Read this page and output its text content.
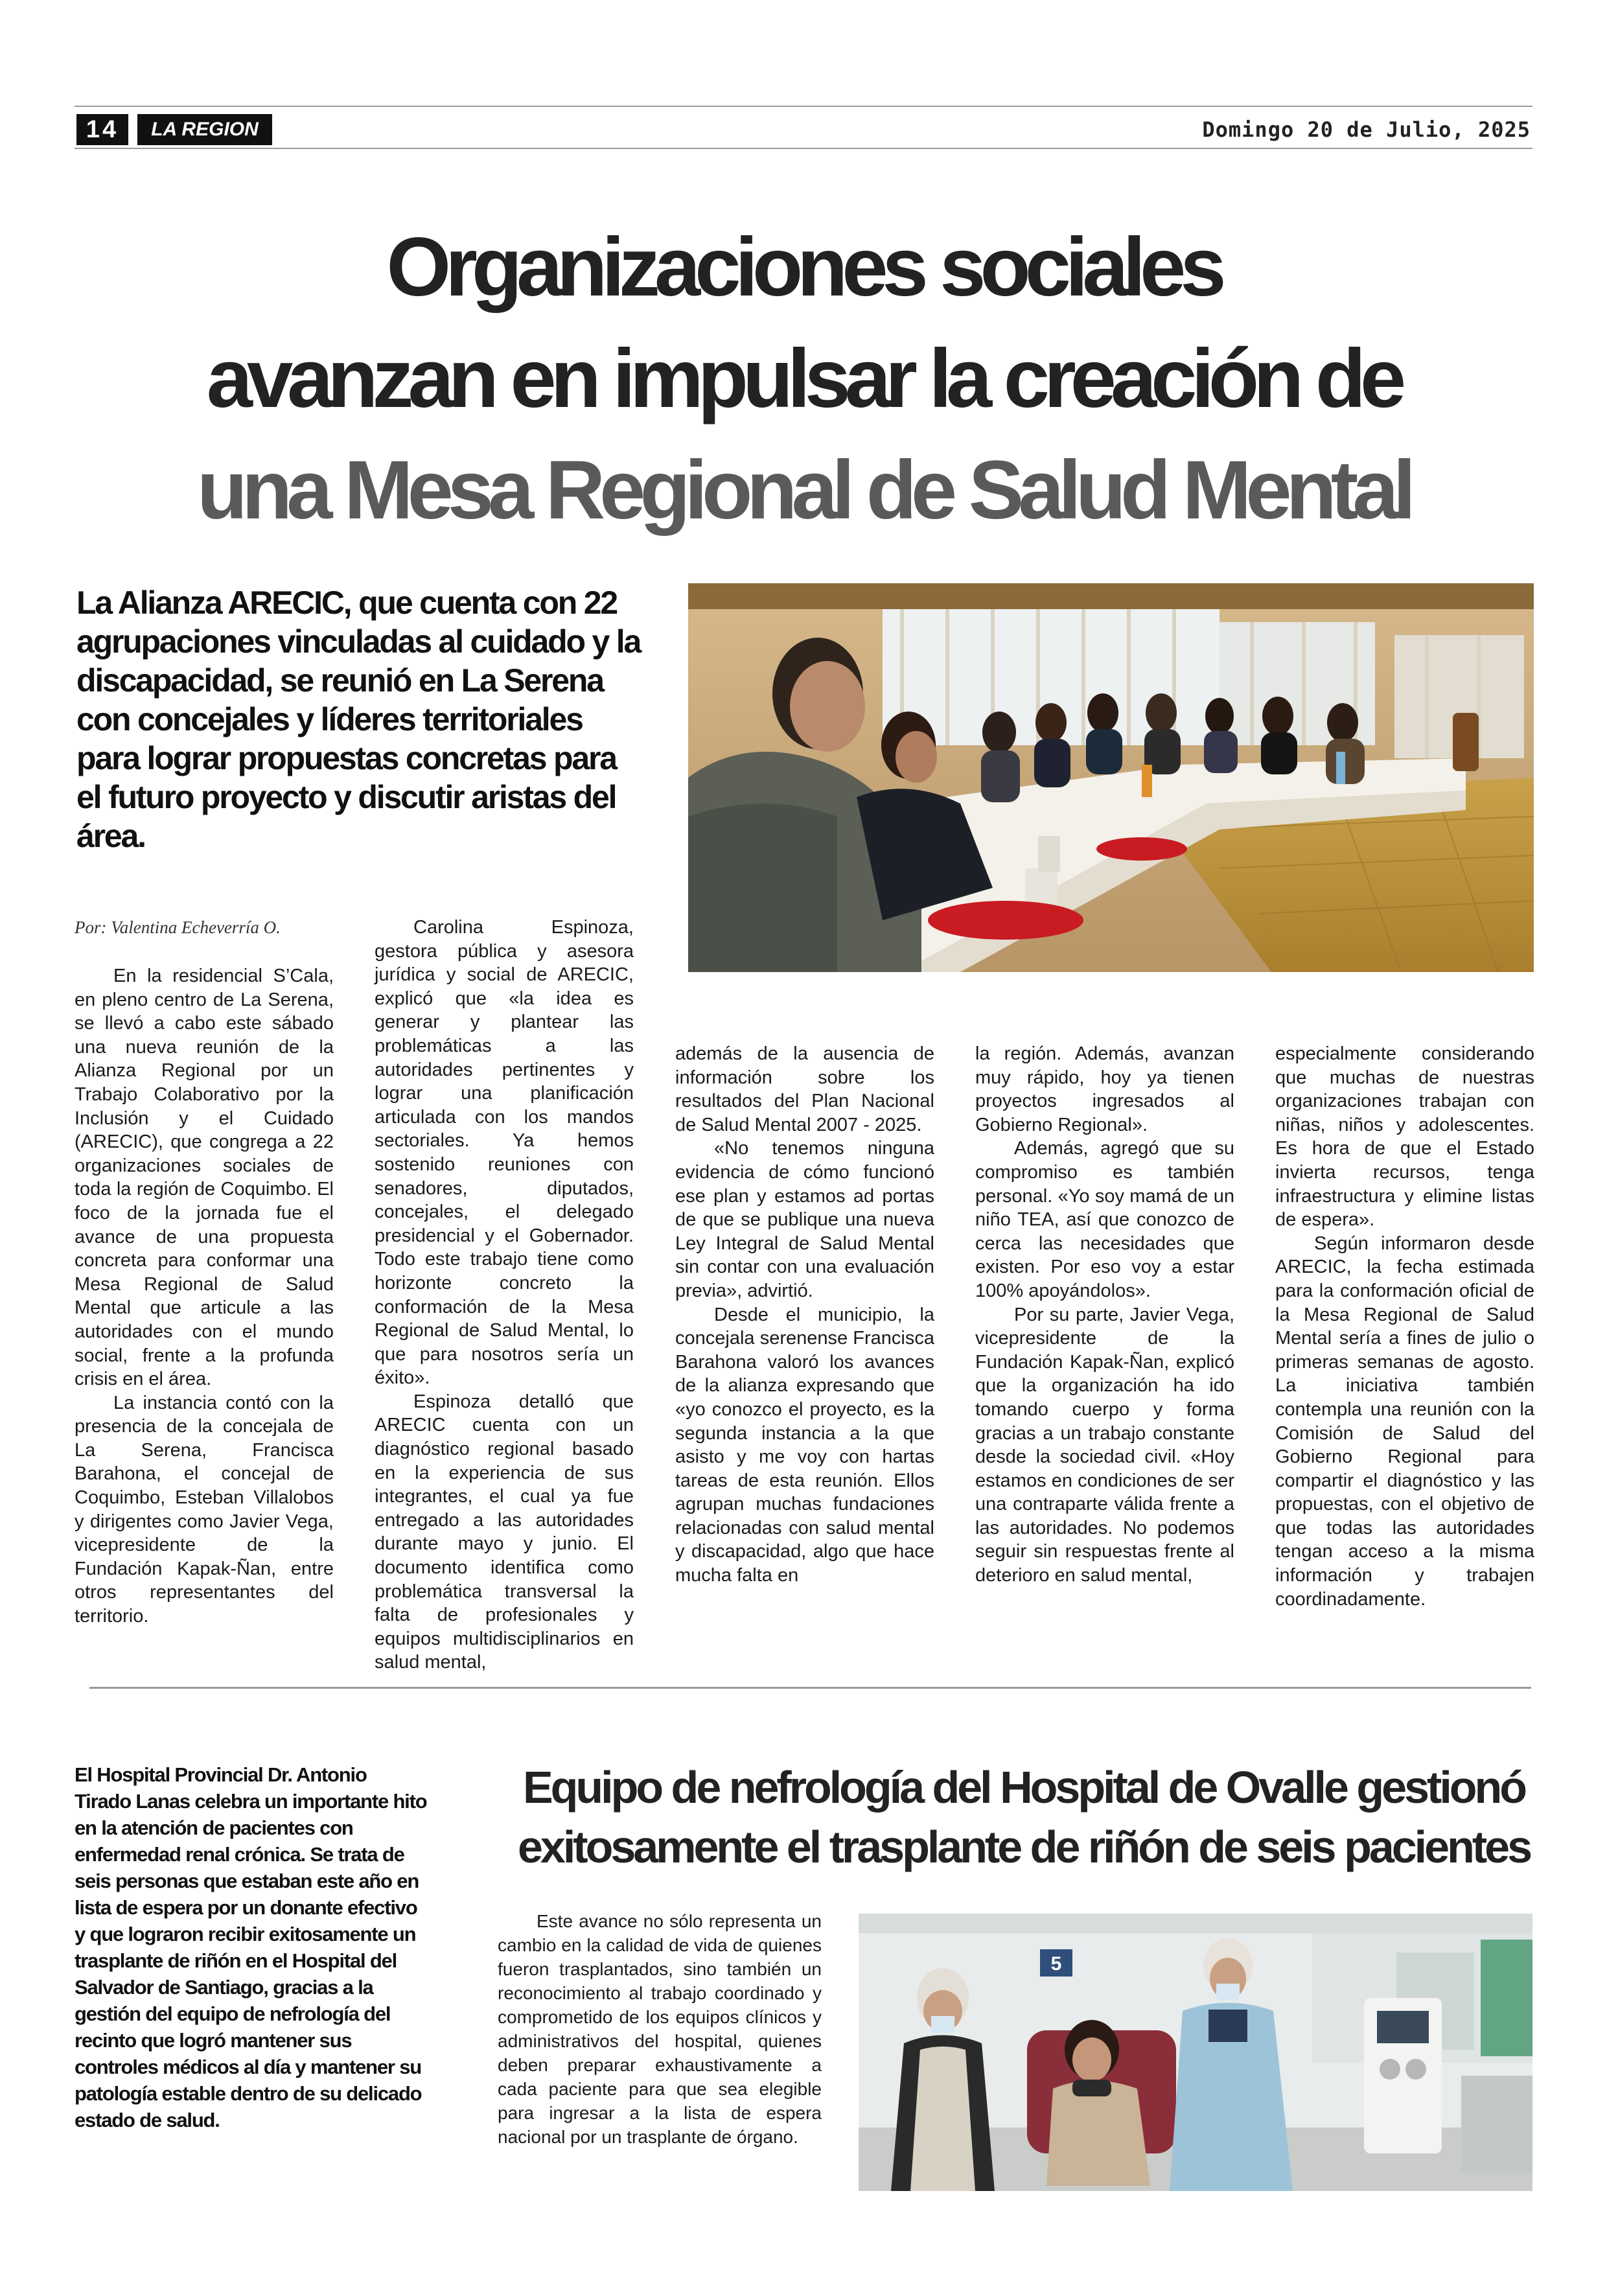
14	LA REGION	Domingo 20 de Julio, 2025
Organizaciones sociales
avanzan en impulsar la creación de
una Mesa Regional de Salud Mental
La Alianza ARECIC, que cuenta con 22 agrupaciones vinculadas al cuidado y la discapacidad, se reunió en La Serena con concejales y líderes territoriales para lograr propuestas concretas para el futuro proyecto y discutir aristas del área.
Por: Valentina Echeverría O.

En la residencial S’Cala, en pleno centro de La Serena, se llevó a cabo este sábado una nueva reunión de la Alianza Regional por un Trabajo Colaborativo por la Inclusión y el Cuidado (ARECIC), que congrega a 22 organizaciones sociales de toda la región de Coquimbo. El foco de la jornada fue el avance de una propuesta concreta para conformar una Mesa Regional de Salud Mental que articule a las autoridades con el mundo social, frente a la profunda crisis en el área.

La instancia contó con la presencia de la concejala de La Serena, Francisca Barahona, el concejal de Coquimbo, Esteban Villalobos y dirigentes como Javier Vega, vicepresidente de la Fundación Kapak-Ñan, entre otros representantes del territorio.

Carolina Espinoza, gestora pública y asesora jurídica y social de ARECIC, explicó que «la idea es generar y plantear las problemáticas a las autoridades pertinentes y lograr una planificación articulada con los mandos sectoriales. Ya hemos sostenido reuniones con senadores, diputados, concejales, el delegado presidencial y el Gobernador. Todo este trabajo tiene como horizonte concreto la conformación de la Mesa Regional de Salud Mental, lo que para nosotros sería un éxito».

Espinoza detalló que ARECIC cuenta con un diagnóstico regional basado en la experiencia de sus integrantes, el cual ya fue entregado a las autoridades durante mayo y junio. El documento identifica como problemática transversal la falta de profesionales y equipos multidisciplinarios en salud mental,

además de la ausencia de información sobre los resultados del Plan Nacional de Salud Mental 2007 - 2025.

«No tenemos ninguna evidencia de cómo funcionó ese plan y estamos ad portas de que se publique una nueva Ley Integral de Salud Mental sin contar con una evaluación previa», advirtió.

Desde el municipio, la concejala serenense Francisca Barahona valoró los avances de la alianza expresando que «yo conozco el proyecto, es la segunda instancia a la que asisto y me voy con hartas tareas de esta reunión. Ellos agrupan muchas fundaciones relacionadas con salud mental y discapacidad, algo que hace mucha falta en

la región. Además, avanzan muy rápido, hoy ya tienen proyectos ingresados al Gobierno Regional».

Además, agregó que su compromiso es también personal. «Yo soy mamá de un niño TEA, así que conozco de cerca las necesidades que existen. Por eso voy a estar 100% apoyándolos».

Por su parte, Javier Vega, vicepresidente de la Fundación Kapak-Ñan, explicó que la organización ha ido tomando cuerpo y forma gracias a un trabajo constante desde la sociedad civil. «Hoy estamos en condiciones de ser una contraparte válida frente a las autoridades. No podemos seguir sin respuestas frente al deterioro en salud mental,

especialmente considerando que muchas de nuestras organizaciones trabajan con niñas, niños y adolescentes. Es hora de que el Estado invierta recursos, tenga infraestructura y elimine listas de espera».

Según informaron desde ARECIC, la fecha estimada para la conformación oficial de la Mesa Regional de Salud Mental sería a fines de julio o primeras semanas de agosto. La iniciativa también contempla una reunión con la Comisión de Salud del Gobierno Regional para compartir el diagnóstico y las propuestas, con el objetivo de que todas las autoridades tengan acceso a la misma información y trabajen coordinadamente.

El Hospital Provincial Dr. Antonio Tirado Lanas celebra un importante hito en la atención de pacientes con enfermedad renal crónica. Se trata de seis personas que estaban este año en lista de espera por un donante efectivo y que lograron recibir exitosamente un trasplante de riñón en el Hospital del Salvador de Santiago, gracias a la gestión del equipo de nefrología del recinto que logró mantener sus controles médicos al día y mantener su patología estable dentro de su delicado estado de salud.
Equipo de nefrología del Hospital de Ovalle gestionó
exitosamente el trasplante de riñón de seis pacientes

Este avance no sólo representa un cambio en la calidad de vida de quienes fueron trasplantados, sino también un reconocimiento al trabajo coordinado y comprometido de los equipos clínicos y administrativos del hospital, quienes deben preparar exhaustivamente a cada paciente para que sea elegible para ingresar a la lista de espera nacional por un trasplante de órgano.

5
